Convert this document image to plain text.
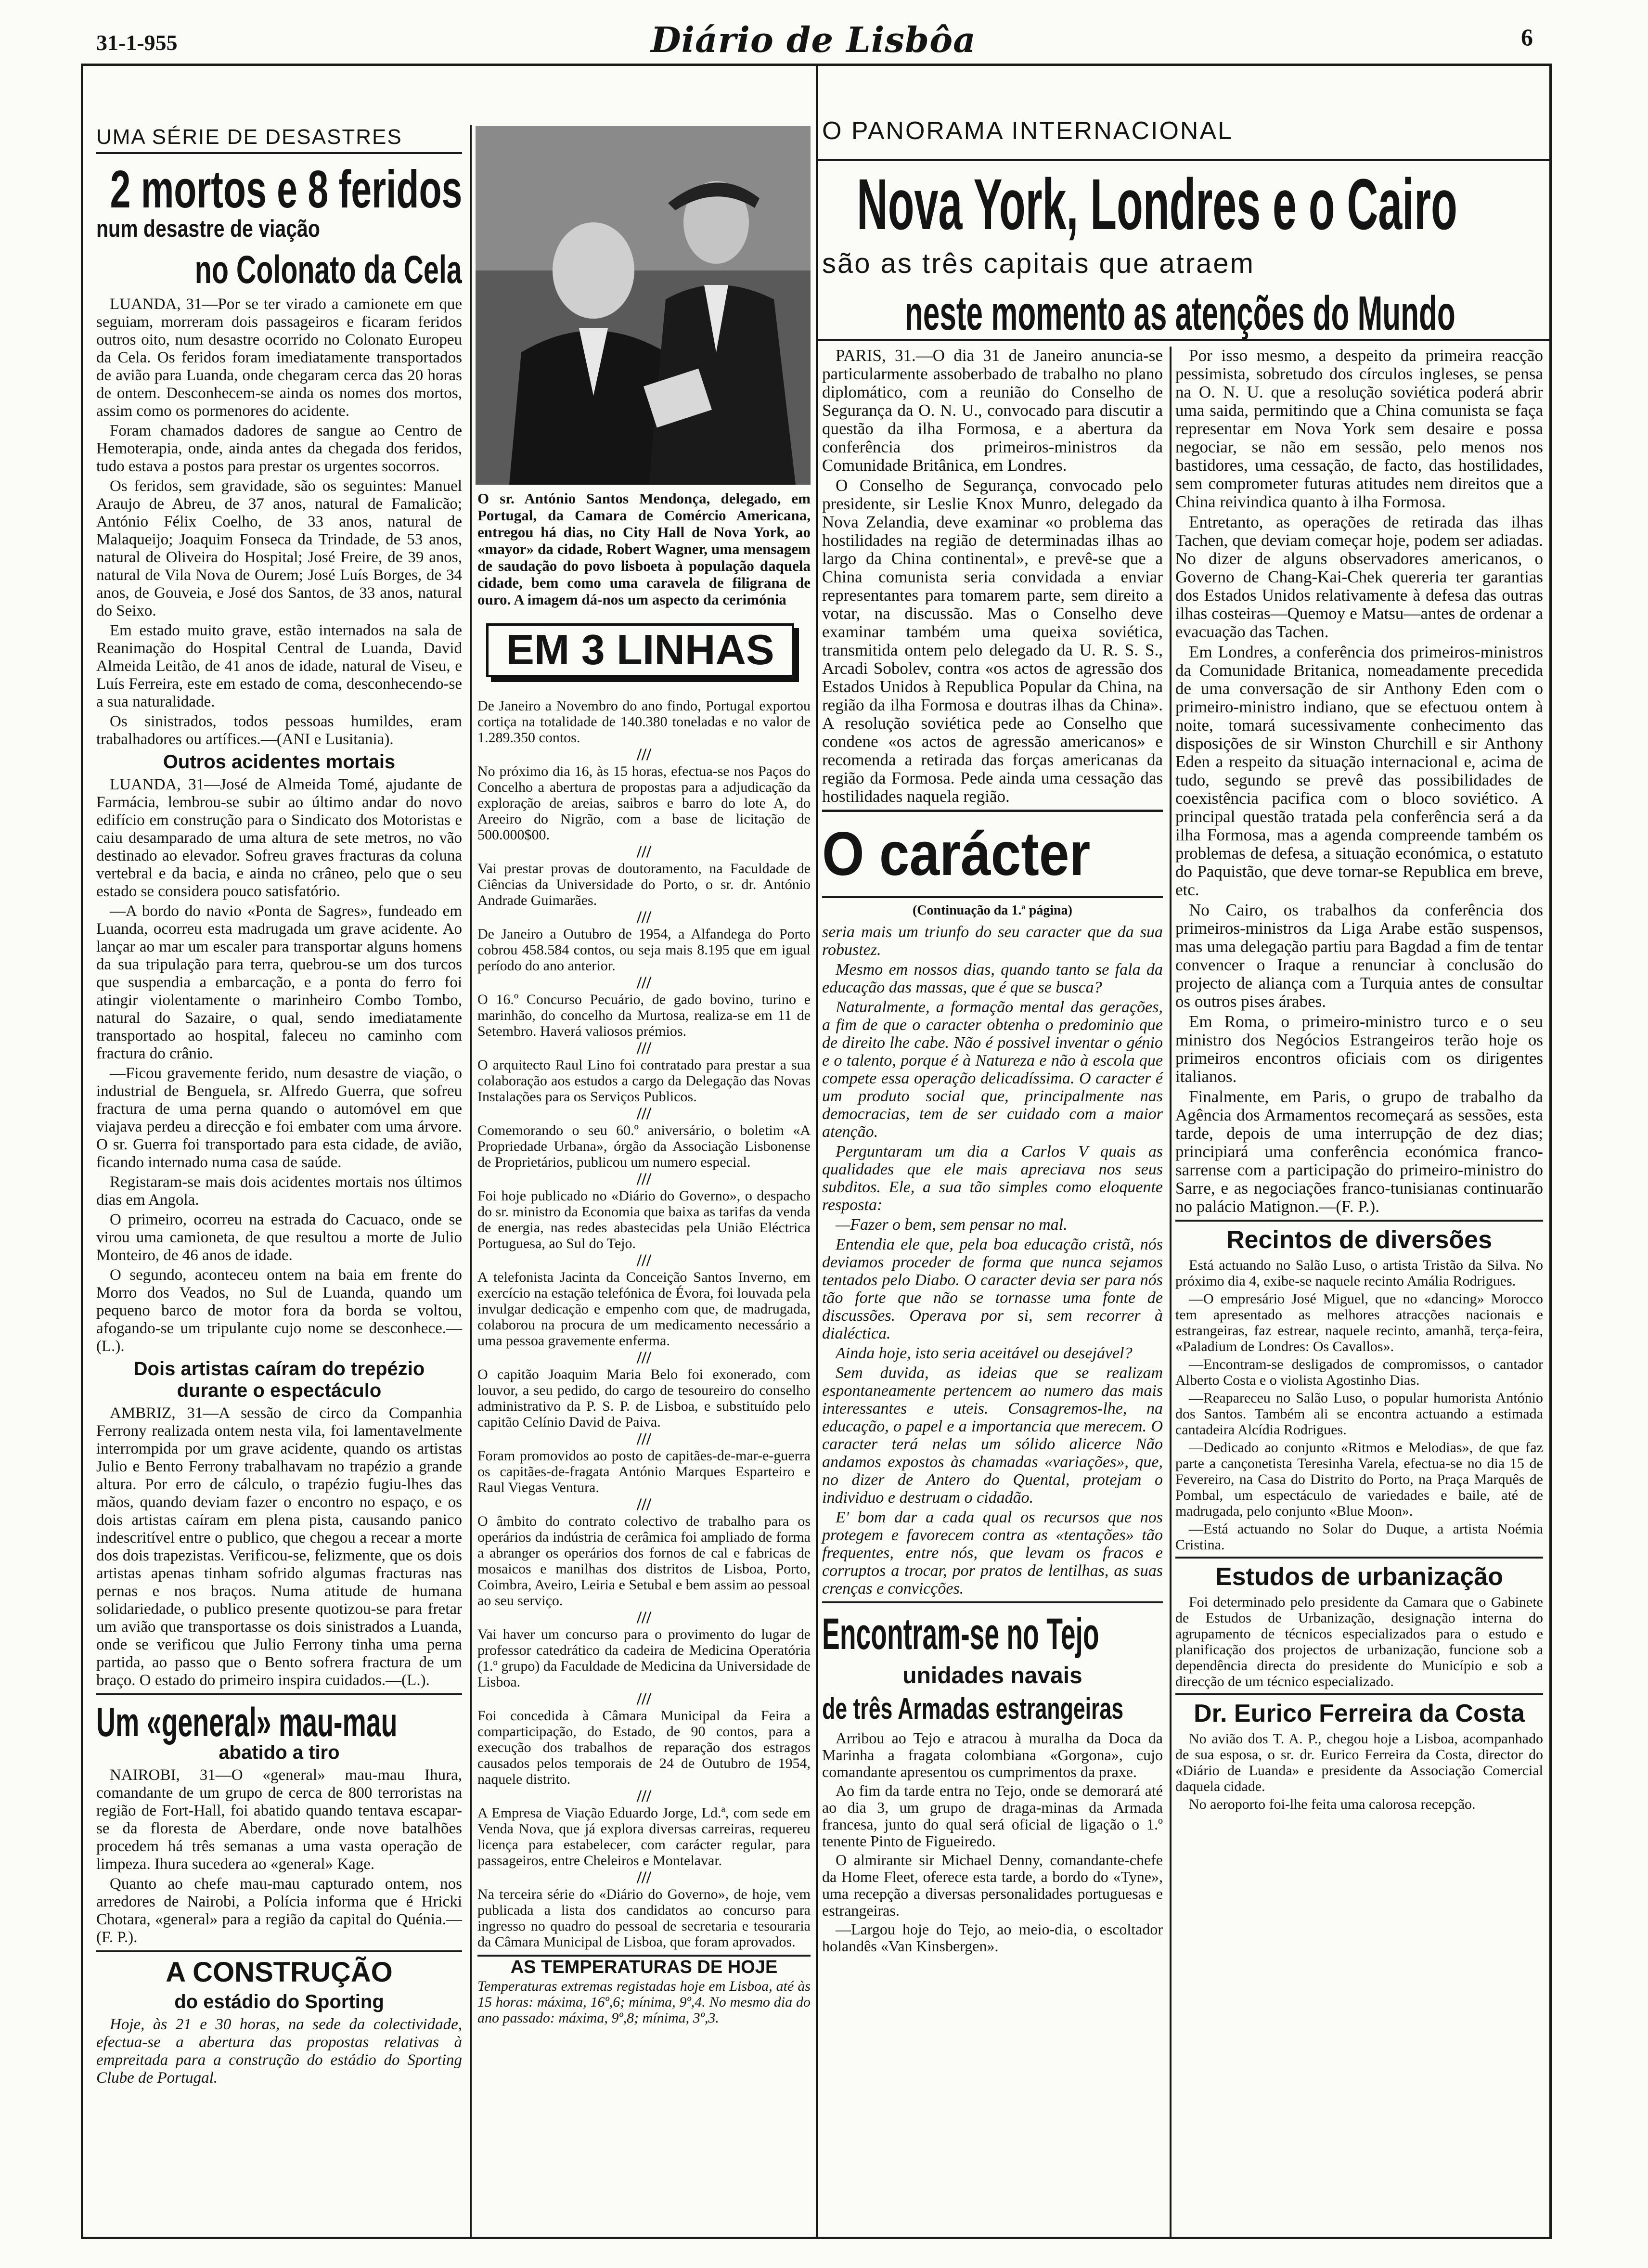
31-1-955	Diário de Lisbôa	6
UMA SÉRIE DE DESASTRES
2 mortos e 8 feridos
num desastre de viação
no Colonato da Cela

LUANDA, 31—Por se ter virado a camionete em que seguiam, morreram dois passageiros e ficaram feridos outros oito, num desastre ocorrido no Colonato Europeu da Cela. Os feridos foram imediatamente transportados de avião para Luanda, onde chegaram cerca das 20 horas de ontem. Desconhecem-se ainda os nomes dos mortos, assim como os pormenores do acidente.

Foram chamados dadores de sangue ao Centro de Hemoterapia, onde, ainda antes da chegada dos feridos, tudo estava a postos para prestar os urgentes socorros.

Os feridos, sem gravidade, são os seguintes: Manuel Araujo de Abreu, de 37 anos, natural de Famalicão; António Félix Coelho, de 33 anos, natural de Malaqueijo; Joaquim Fonseca da Trindade, de 53 anos, natural de Oliveira do Hospital; José Freire, de 39 anos, natural de Vila Nova de Ourem; José Luís Borges, de 34 anos, de Gouveia, e José dos Santos, de 33 anos, natural do Seixo.

Em estado muito grave, estão internados na sala de Reanimação do Hospital Central de Luanda, David Almeida Leitão, de 41 anos de idade, natural de Viseu, e Luís Ferreira, este em estado de coma, desconhecendo-se a sua naturalidade.

Os sinistrados, todos pessoas humildes, eram trabalhadores ou artífices.—(ANI e Lusitania).

Outros acidentes mortais

LUANDA, 31—José de Almeida Tomé, ajudante de Farmácia, lembrou-se subir ao último andar do novo edifício em construção para o Sindicato dos Motoristas e caiu desamparado de uma altura de sete metros, no vão destinado ao elevador. Sofreu graves fracturas da coluna vertebral e da bacia, e ainda no crâneo, pelo que o seu estado se considera pouco satisfatório.

—A bordo do navio «Ponta de Sagres», fundeado em Luanda, ocorreu esta madrugada um grave acidente. Ao lançar ao mar um escaler para transportar alguns homens da sua tripulação para terra, quebrou-se um dos turcos que suspendia a embarcação, e a ponta do ferro foi atingir violentamente o marinheiro Combo Tombo, natural do Sazaire, o qual, sendo imediatamente transportado ao hospital, faleceu no caminho com fractura do crânio.

—Ficou gravemente ferido, num desastre de viação, o industrial de Benguela, sr. Alfredo Guerra, que sofreu fractura de uma perna quando o automóvel em que viajava perdeu a direcção e foi embater com uma árvore. O sr. Guerra foi transportado para esta cidade, de avião, ficando internado numa casa de saúde.

Registaram-se mais dois acidentes mortais nos últimos dias em Angola.

O primeiro, ocorreu na estrada do Cacuaco, onde se virou uma camioneta, de que resultou a morte de Julio Monteiro, de 46 anos de idade.

O segundo, aconteceu ontem na baia em frente do Morro dos Veados, no Sul de Luanda, quando um pequeno barco de motor fora da borda se voltou, afogando-se um tripulante cujo nome se desconhece.—(L.).

Dois artistas caíram do trepézio durante o espectáculo

AMBRIZ, 31—A sessão de circo da Companhia Ferrony realizada ontem nesta vila, foi lamentavelmente interrompida por um grave acidente, quando os artistas Julio e Bento Ferrony trabalhavam no trapézio a grande altura. Por erro de cálculo, o trapézio fugiu-lhes das mãos, quando deviam fazer o encontro no espaço, e os dois artistas caíram em plena pista, causando panico indescritível entre o publico, que chegou a recear a morte dos dois trapezistas. Verificou-se, felizmente, que os dois artistas apenas tinham sofrido algumas fracturas nas pernas e nos braços. Numa atitude de humana solidariedade, o publico presente quotizou-se para fretar um avião que transportasse os dois sinistrados a Luanda, onde se verificou que Julio Ferrony tinha uma perna partida, ao passo que o Bento sofrera fractura de um braço. O estado do primeiro inspira cuidados.—(L.).

Um «general» mau-mau
abatido a tiro

NAIROBI, 31—O «general» mau-mau Ihura, comandante de um grupo de cerca de 800 terroristas na região de Fort-Hall, foi abatido quando tentava escapar-se da floresta de Aberdare, onde nove batalhões procedem há três semanas a uma vasta operação de limpeza. Ihura sucedera ao «general» Kage.

Quanto ao chefe mau-mau capturado ontem, nos arredores de Nairobi, a Polícia informa que é Hricki Chotara, «general» para a região da capital do Quénia.—(F. P.).

A CONSTRUÇÃO
do estádio do Sporting

Hoje, às 21 e 30 horas, na sede da colectividade, efectua-se a abertura das propostas relativas à empreitada para a construção do estádio do Sporting Clube de Portugal.

O sr. António Santos Mendonça, delegado, em Portugal, da Camara de Comércio Americana, entregou há dias, no City Hall de Nova York, ao «mayor» da cidade, Robert Wagner, uma mensagem de saudação do povo lisboeta à população daquela cidade, bem como uma caravela de filigrana de ouro. A imagem dá-nos um aspecto da cerimónia
EM 3 LINHAS
De Janeiro a Novembro do ano findo, Portugal exportou cortiça na totalidade de 140.380 toneladas e no valor de 1.289.350 contos.
///
No próximo dia 16, às 15 horas, efectua-se nos Paços do Concelho a abertura de propostas para a adjudicação da exploração de areias, saibros e barro do lote A, do Areeiro do Nigrão, com a base de licitação de 500.000$00.
///
Vai prestar provas de doutoramento, na Faculdade de Ciências da Universidade do Porto, o sr. dr. António Andrade Guimarães.
///
De Janeiro a Outubro de 1954, a Alfandega do Porto cobrou 458.584 contos, ou seja mais 8.195 que em igual período do ano anterior.
///
O 16.º Concurso Pecuário, de gado bovino, turino e marinhão, do concelho da Murtosa, realiza-se em 11 de Setembro. Haverá valiosos prémios.
///
O arquitecto Raul Lino foi contratado para prestar a sua colaboração aos estudos a cargo da Delegação das Novas Instalações para os Serviços Publicos.
///
Comemorando o seu 60.º aniversário, o boletim «A Propriedade Urbana», órgão da Associação Lisbonense de Proprietários, publicou um numero especial.
///
Foi hoje publicado no «Diário do Governo», o despacho do sr. ministro da Economia que baixa as tarifas da venda de energia, nas redes abastecidas pela União Eléctrica Portuguesa, ao Sul do Tejo.
///
A telefonista Jacinta da Conceição Santos Inverno, em exercício na estação telefónica de Évora, foi louvada pela invulgar dedicação e empenho com que, de madrugada, colaborou na procura de um medicamento necessário a uma pessoa gravemente enferma.
///
O capitão Joaquim Maria Belo foi exonerado, com louvor, a seu pedido, do cargo de tesoureiro do conselho administrativo da P. S. P. de Lisboa, e substituído pelo capitão Celínio David de Paiva.
///
Foram promovidos ao posto de capitães-de-mar-e-guerra os capitães-de-fragata António Marques Esparteiro e Raul Viegas Ventura.
///
O âmbito do contrato colectivo de trabalho para os operários da indústria de cerâmica foi ampliado de forma a abranger os operários dos fornos de cal e fabricas de mosaicos e manilhas dos distritos de Lisboa, Porto, Coimbra, Aveiro, Leiria e Setubal e bem assim ao pessoal ao seu serviço.
///
Vai haver um concurso para o provimento do lugar de professor catedrático da cadeira de Medicina Operatória (1.º grupo) da Faculdade de Medicina da Universidade de Lisboa.
///
Foi concedida à Câmara Municipal da Feira a comparticipação, do Estado, de 90 contos, para a execução dos trabalhos de reparação dos estragos causados pelos temporais de 24 de Outubro de 1954, naquele distrito.
///
A Empresa de Viação Eduardo Jorge, Ld.ª, com sede em Venda Nova, que já explora diversas carreiras, requereu licença para estabelecer, com carácter regular, para passageiros, entre Cheleiros e Montelavar.
///
Na terceira série do «Diário do Governo», de hoje, vem publicada a lista dos candidatos ao concurso para ingresso no quadro do pessoal de secretaria e tesouraria da Câmara Municipal de Lisboa, que foram aprovados.
AS TEMPERATURAS DE HOJE
Temperaturas extremas registadas hoje em Lisboa, até às 15 horas: máxima, 16º,6; mínima, 9º,4. No mesmo dia do ano passado: máxima, 9º,8; mínima, 3º,3.
O PANORAMA INTERNACIONAL
Nova York, Londres e o Cairo
são as três capitais que atraem
neste momento as atenções do Mundo

PARIS, 31.—O dia 31 de Janeiro anuncia-se particularmente assoberbado de trabalho no plano diplomático, com a reunião do Conselho de Segurança da O. N. U., convocado para discutir a questão da ilha Formosa, e a abertura da conferência dos primeiros-ministros da Comunidade Britânica, em Londres.

O Conselho de Segurança, convocado pelo presidente, sir Leslie Knox Munro, delegado da Nova Zelandia, deve examinar «o problema das hostilidades na região de determinadas ilhas ao largo da China continental», e prevê-se que a China comunista seria convidada a enviar representantes para tomarem parte, sem direito a votar, na discussão. Mas o Conselho deve examinar também uma queixa soviética, transmitida ontem pelo delegado da U. R. S. S., Arcadi Sobolev, contra «os actos de agressão dos Estados Unidos à Republica Popular da China, na região da ilha Formosa e doutras ilhas da China». A resolução soviética pede ao Conselho que condene «os actos de agressão americanos» e recomenda a retirada das forças americanas da região da Formosa. Pede ainda uma cessação das hostilidades naquela região.

O carácter
(Continuação da 1.ª página)

seria mais um triunfo do seu caracter que da sua robustez.

Mesmo em nossos dias, quando tanto se fala da educação das massas, que é que se busca?

Naturalmente, a formação mental das gerações, a fim de que o caracter obtenha o predominio que de direito lhe cabe. Não é possivel inventar o génio e o talento, porque é à Natureza e não à escola que compete essa operação delicadíssima. O caracter é um produto social que, principalmente nas democracias, tem de ser cuidado com a maior atenção.

Perguntaram um dia a Carlos V quais as qualidades que ele mais apreciava nos seus subditos. Ele, a sua tão simples como eloquente resposta:

—Fazer o bem, sem pensar no mal.

Entendia ele que, pela boa educação cristã, nós deviamos proceder de forma que nunca sejamos tentados pelo Diabo. O caracter devia ser para nós tão forte que não se tornasse uma fonte de discussões. Operava por si, sem recorrer à dialéctica.

Ainda hoje, isto seria aceitável ou desejável?

Sem duvida, as ideias que se realizam espontaneamente pertencem ao numero das mais interessantes e uteis. Consagremos-lhe, na educação, o papel e a importancia que merecem. O caracter terá nelas um sólido alicerce Não andamos expostos às chamadas «variações», que, no dizer de Antero do Quental, protejam o individuo e destruam o cidadão.

E' bom dar a cada qual os recursos que nos protegem e favorecem contra as «tentações» tão frequentes, entre nós, que levam os fracos e corruptos a trocar, por pratos de lentilhas, as suas crenças e convicções.

Encontram-se no Tejo
unidades navais
de três Armadas estrangeiras

Arribou ao Tejo e atracou à muralha da Doca da Marinha a fragata colombiana «Gorgona», cujo comandante apresentou os cumprimentos da praxe.

Ao fim da tarde entra no Tejo, onde se demorará até ao dia 3, um grupo de draga-minas da Armada francesa, junto do qual será oficial de ligação o 1.º tenente Pinto de Figueiredo.

O almirante sir Michael Denny, comandante-chefe da Home Fleet, oferece esta tarde, a bordo do «Tyne», uma recepção a diversas personalidades portuguesas e estrangeiras.

—Largou hoje do Tejo, ao meio-dia, o escoltador holandês «Van Kinsbergen».

Por isso mesmo, a despeito da primeira reacção pessimista, sobretudo dos círculos ingleses, se pensa na O. N. U. que a resolução soviética poderá abrir uma saida, permitindo que a China comunista se faça representar em Nova York sem desaire e possa negociar, se não em sessão, pelo menos nos bastidores, uma cessação, de facto, das hostilidades, sem comprometer futuras atitudes nem direitos que a China reivindica quanto à ilha Formosa.

Entretanto, as operações de retirada das ilhas Tachen, que deviam começar hoje, podem ser adiadas. No dizer de alguns observadores americanos, o Governo de Chang-Kai-Chek quereria ter garantias dos Estados Unidos relativamente à defesa das outras ilhas costeiras—Quemoy e Matsu—antes de ordenar a evacuação das Tachen.

Em Londres, a conferência dos primeiros-ministros da Comunidade Britanica, nomeadamente precedida de uma conversação de sir Anthony Eden com o primeiro-ministro indiano, que se efectuou ontem à noite, tomará sucessivamente conhecimento das disposições de sir Winston Churchill e sir Anthony Eden a respeito da situação internacional e, acima de tudo, segundo se prevê das possibilidades de coexistência pacifica com o bloco soviético. A principal questão tratada pela conferência será a da ilha Formosa, mas a agenda compreende também os problemas de defesa, a situação económica, o estatuto do Paquistão, que deve tornar-se Republica em breve, etc.

No Cairo, os trabalhos da conferência dos primeiros-ministros da Liga Arabe estão suspensos, mas uma delegação partiu para Bagdad a fim de tentar convencer o Iraque a renunciar à conclusão do projecto de aliança com a Turquia antes de consultar os outros pises árabes.

Em Roma, o primeiro-ministro turco e o seu ministro dos Negócios Estrangeiros terão hoje os primeiros encontros oficiais com os dirigentes italianos.

Finalmente, em Paris, o grupo de trabalho da Agência dos Armamentos recomeçará as sessões, esta tarde, depois de uma interrupção de dez dias; principiará uma conferência económica franco-sarrense com a participação do primeiro-ministro do Sarre, e as negociações franco-tunisianas continuarão no palácio Matignon.—(F. P.).

Recintos de diversões

Está actuando no Salão Luso, o artista Tristão da Silva. No próximo dia 4, exibe-se naquele recinto Amália Rodrigues.

—O empresário José Miguel, que no «dancing» Morocco tem apresentado as melhores atracções nacionais e estrangeiras, faz estrear, naquele recinto, amanhã, terça-feira, «Paladium de Londres: Os Cavallos».

—Encontram-se desligados de compromissos, o cantador Alberto Costa e o violista Agostinho Dias.

—Reapareceu no Salão Luso, o popular humorista António dos Santos. Também ali se encontra actuando a estimada cantadeira Alcídia Rodrigues.

—Dedicado ao conjunto «Ritmos e Melodias», de que faz parte a cançonetista Teresinha Varela, efectua-se no dia 15 de Fevereiro, na Casa do Distrito do Porto, na Praça Marquês de Pombal, um espectáculo de variedades e baile, até de madrugada, pelo conjunto «Blue Moon».

—Está actuando no Solar do Duque, a artista Noémia Cristina.

Estudos de urbanização

Foi determinado pelo presidente da Camara que o Gabinete de Estudos de Urbanização, designação interna do agrupamento de técnicos especializados para o estudo e planificação dos projectos de urbanização, funcione sob a dependência directa do presidente do Município e sob a direcção de um técnico especializado.

Dr. Eurico Ferreira da Costa

No avião dos T. A. P., chegou hoje a Lisboa, acompanhado de sua esposa, o sr. dr. Eurico Ferreira da Costa, director do «Diário de Luanda» e presidente da Associação Comercial daquela cidade.

No aeroporto foi-lhe feita uma calorosa recepção.
